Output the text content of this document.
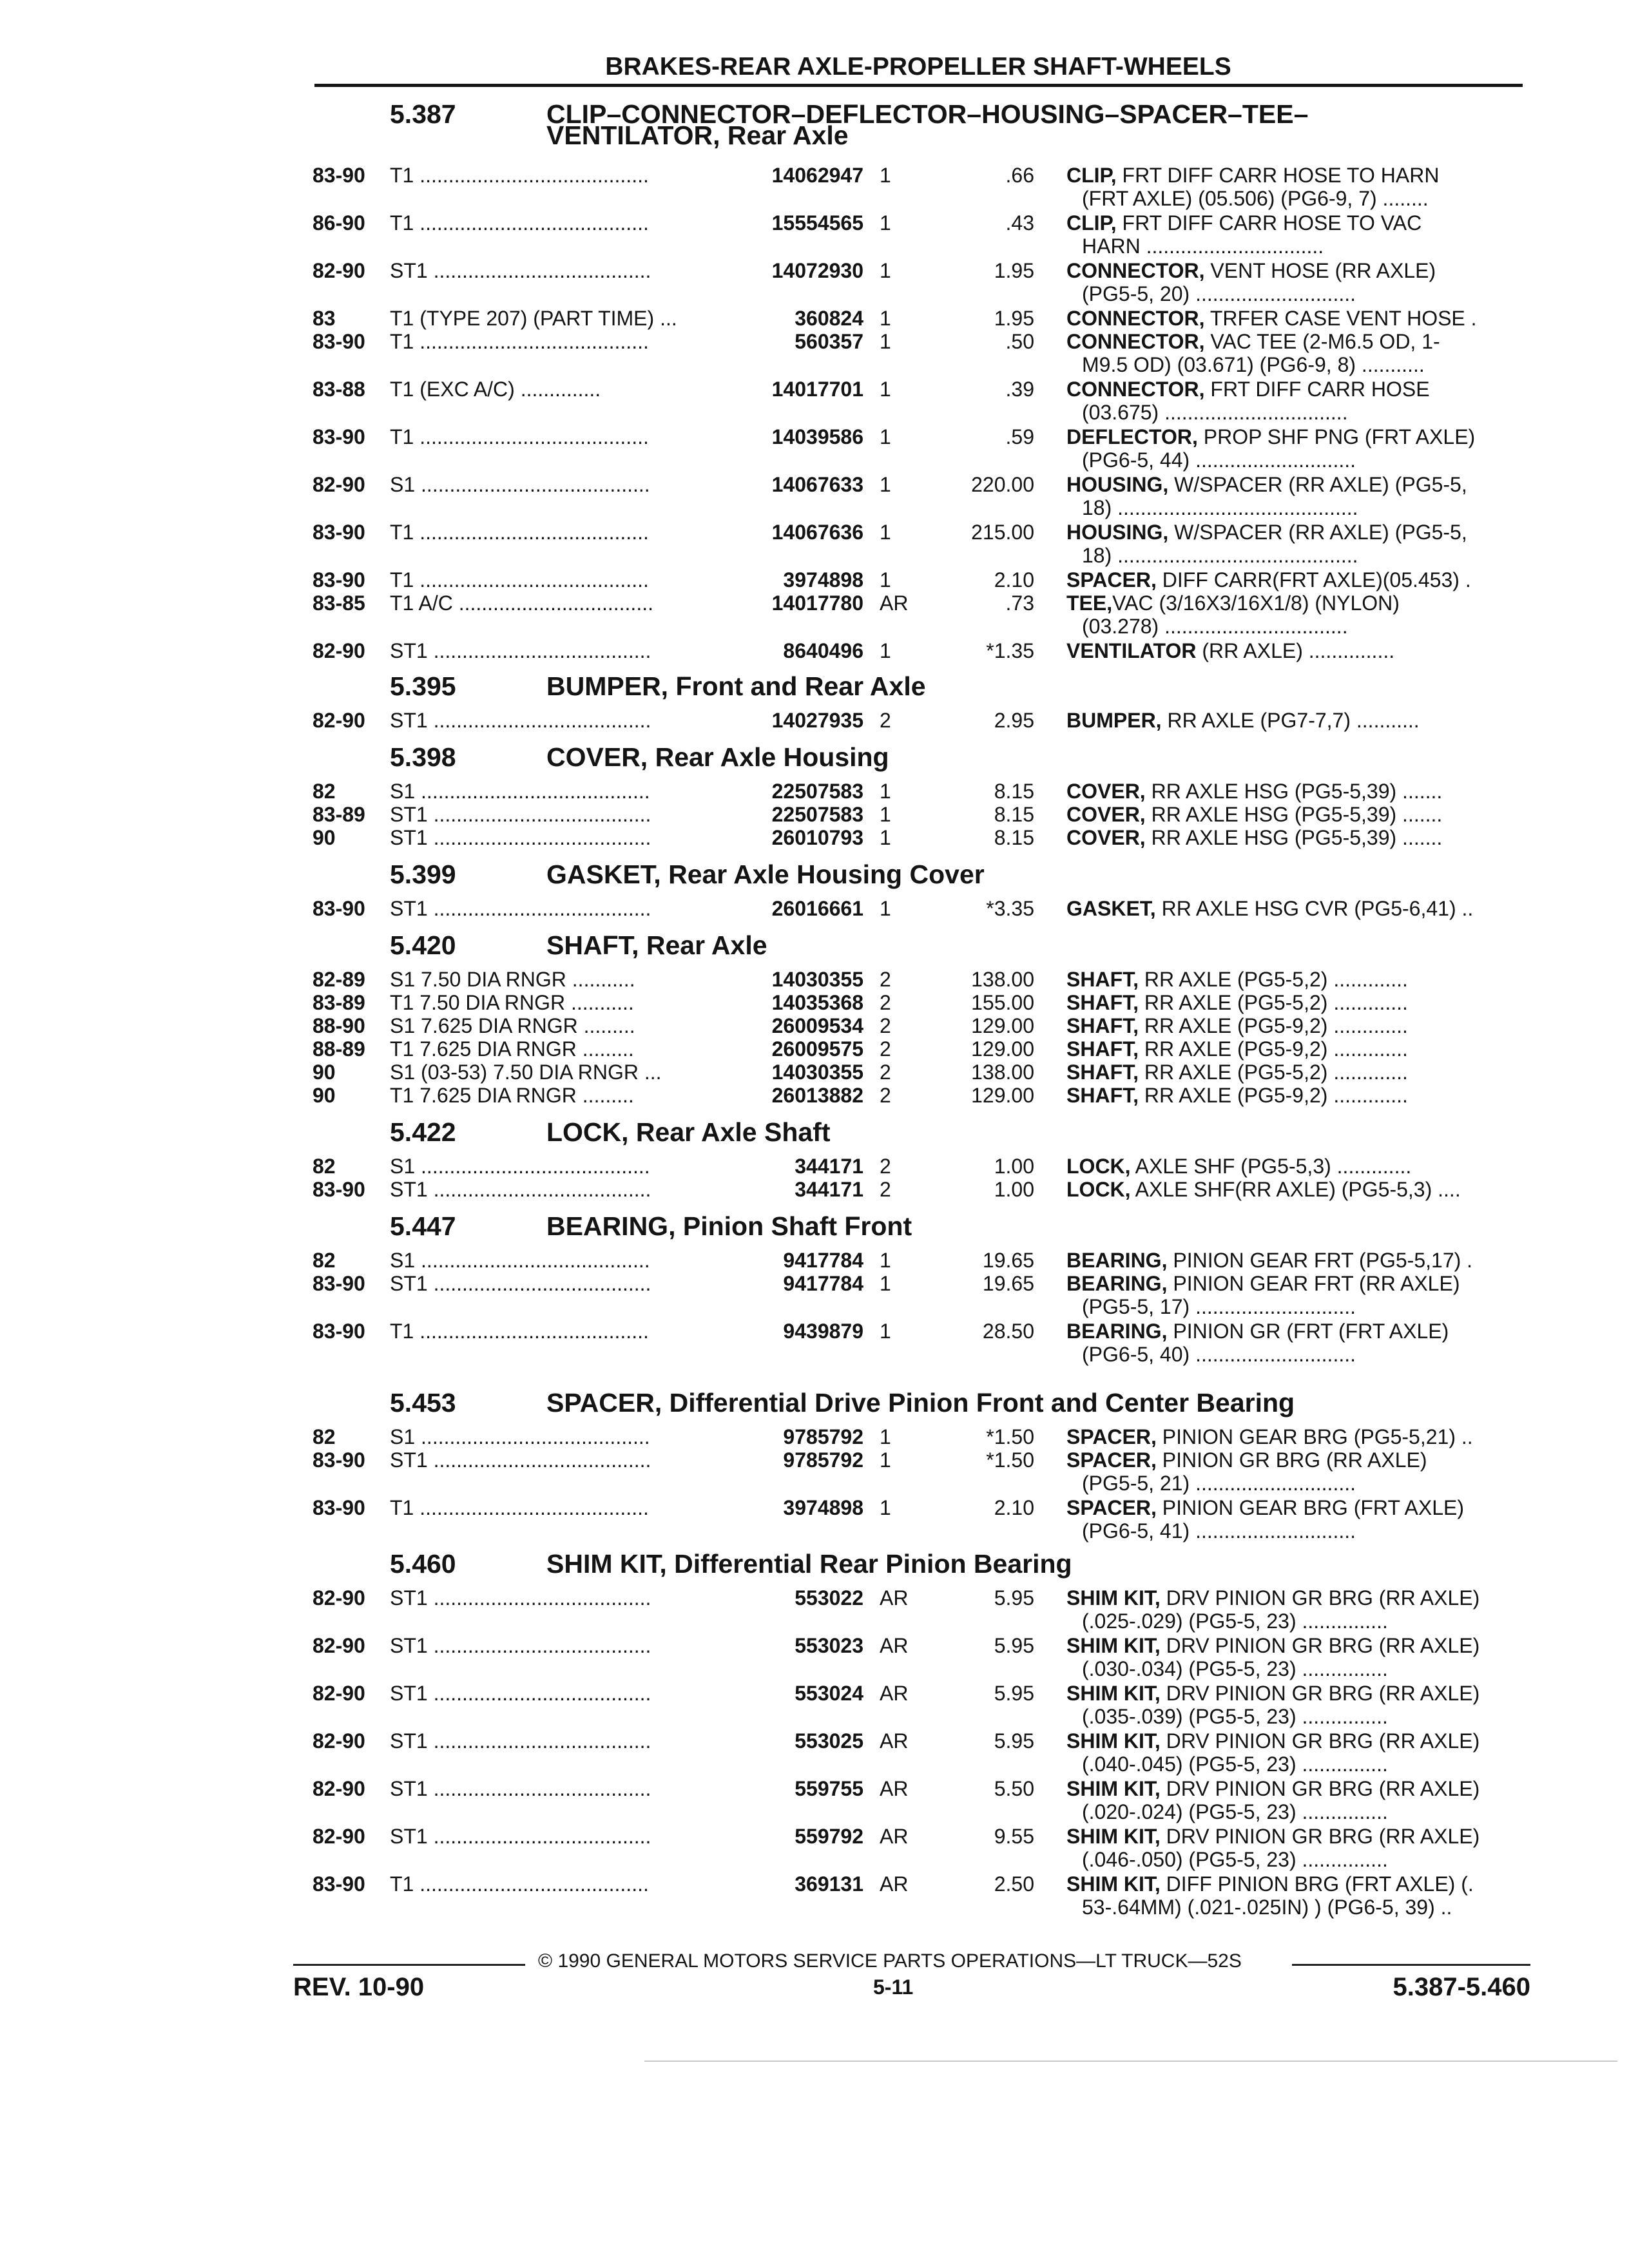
BRAKES-REAR AXLE-PROPELLER SHAFT-WHEELS
5.387	CLIP–CONNECTOR–DEFLECTOR–HOUSING–SPACER–TEE–
VENTILATOR, Rear Axle
83-90 T1 ........................................	14062947 1	.66 CLIP, FRT DIFF CARR HOSE TO HARN
(FRT AXLE) (05.506) (PG6-9, 7) ........
86-90 T1 ........................................	15554565 1	.43 CLIP, FRT DIFF CARR HOSE TO VAC
HARN ...............................
82-90 ST1 ......................................	14072930 1	1.95 CONNECTOR, VENT HOSE (RR AXLE)
(PG5-5, 20) ............................
83	T1 (TYPE 207) (PART TIME) ...	360824 1	1.95 CONNECTOR, TRFER CASE VENT HOSE .
83-90 T1 ........................................	560357 1	.50 CONNECTOR, VAC TEE (2-M6.5 OD, 1-
M9.5 OD) (03.671) (PG6-9, 8) ...........
83-88 T1 (EXC A/C) ..............	14017701 1	.39 CONNECTOR, FRT DIFF CARR HOSE
(03.675) ................................
83-90 T1 ........................................	14039586 1	.59 DEFLECTOR, PROP SHF PNG (FRT AXLE)
(PG6-5, 44) ............................
82-90 S1 ........................................	14067633 1	220.00 HOUSING, W/SPACER (RR AXLE) (PG5-5,
18) ..........................................
83-90 T1 ........................................	14067636 1	215.00 HOUSING, W/SPACER (RR AXLE) (PG5-5,
18) ..........................................
83-90 T1 ........................................	3974898 1	2.10 SPACER, DIFF CARR(FRT AXLE)(05.453) .
83-85 T1 A/C ..................................	14017780 AR	.73 TEE,VAC (3/16X3/16X1/8) (NYLON)
(03.278) ................................
82-90 ST1 ......................................	8640496 1	*1.35 VENTILATOR (RR AXLE) ...............
5.395	BUMPER, Front and Rear Axle
82-90 ST1 ......................................	14027935 2	2.95 BUMPER, RR AXLE (PG7-7,7) ...........
5.398	COVER, Rear Axle Housing
82	S1 ........................................	22507583 1	8.15 COVER, RR AXLE HSG (PG5-5,39) .......
83-89 ST1 ......................................	22507583 1	8.15 COVER, RR AXLE HSG (PG5-5,39) .......
90	ST1 ......................................	26010793 1	8.15 COVER, RR AXLE HSG (PG5-5,39) .......
5.399	GASKET, Rear Axle Housing Cover
83-90 ST1 ......................................	26016661 1	*3.35 GASKET, RR AXLE HSG CVR (PG5-6,41) ..
5.420	SHAFT, Rear Axle
82-89 S1 7.50 DIA RNGR ...........	14030355 2	138.00 SHAFT, RR AXLE (PG5-5,2) .............
83-89 T1 7.50 DIA RNGR ...........	14035368 2	155.00 SHAFT, RR AXLE (PG5-5,2) .............
88-90 S1 7.625 DIA RNGR .........	26009534 2	129.00 SHAFT, RR AXLE (PG5-9,2) .............
88-89 T1 7.625 DIA RNGR .........	26009575 2	129.00 SHAFT, RR AXLE (PG5-9,2) .............
90	S1 (03-53) 7.50 DIA RNGR ...	14030355 2	138.00 SHAFT, RR AXLE (PG5-5,2) .............
90	T1 7.625 DIA RNGR .........	26013882 2	129.00 SHAFT, RR AXLE (PG5-9,2) .............
5.422	LOCK, Rear Axle Shaft
82	S1 ........................................	344171 2	1.00 LOCK, AXLE SHF (PG5-5,3) .............
83-90 ST1 ......................................	344171 2	1.00 LOCK, AXLE SHF(RR AXLE) (PG5-5,3) ....
5.447	BEARING, Pinion Shaft Front
82	S1 ........................................	9417784 1	19.65 BEARING, PINION GEAR FRT (PG5-5,17) .
83-90 ST1 ......................................	9417784 1	19.65 BEARING, PINION GEAR FRT (RR AXLE)
(PG5-5, 17) ............................
83-90 T1 ........................................	9439879 1	28.50 BEARING, PINION GR (FRT (FRT AXLE)
(PG6-5, 40) ............................
5.453	SPACER, Differential Drive Pinion Front and Center Bearing
82	S1 ........................................	9785792 1	*1.50 SPACER, PINION GEAR BRG (PG5-5,21) ..
83-90 ST1 ......................................	9785792 1	*1.50 SPACER, PINION GR BRG (RR AXLE)
(PG5-5, 21) ............................
83-90 T1 ........................................	3974898 1	2.10 SPACER, PINION GEAR BRG (FRT AXLE)
(PG6-5, 41) ............................
5.460	SHIM KIT, Differential Rear Pinion Bearing
82-90 ST1 ......................................	553022 AR	5.95 SHIM KIT, DRV PINION GR BRG (RR AXLE)
(.025-.029) (PG5-5, 23) ...............
82-90 ST1 ......................................	553023 AR	5.95 SHIM KIT, DRV PINION GR BRG (RR AXLE)
(.030-.034) (PG5-5, 23) ...............
82-90 ST1 ......................................	553024 AR	5.95 SHIM KIT, DRV PINION GR BRG (RR AXLE)
(.035-.039) (PG5-5, 23) ...............
82-90 ST1 ......................................	553025 AR	5.95 SHIM KIT, DRV PINION GR BRG (RR AXLE)
(.040-.045) (PG5-5, 23) ...............
82-90 ST1 ......................................	559755 AR	5.50 SHIM KIT, DRV PINION GR BRG (RR AXLE)
(.020-.024) (PG5-5, 23) ...............
82-90 ST1 ......................................	559792 AR	9.55 SHIM KIT, DRV PINION GR BRG (RR AXLE)
(.046-.050) (PG5-5, 23) ...............
83-90 T1 ........................................	369131 AR	2.50 SHIM KIT, DIFF PINION BRG (FRT AXLE) (.
53-.64MM) (.021-.025IN) ) (PG6-5, 39) ..
© 1990 GENERAL MOTORS SERVICE PARTS OPERATIONS—LT TRUCK—52S
REV. 10-90	5-11	5.387-5.460
